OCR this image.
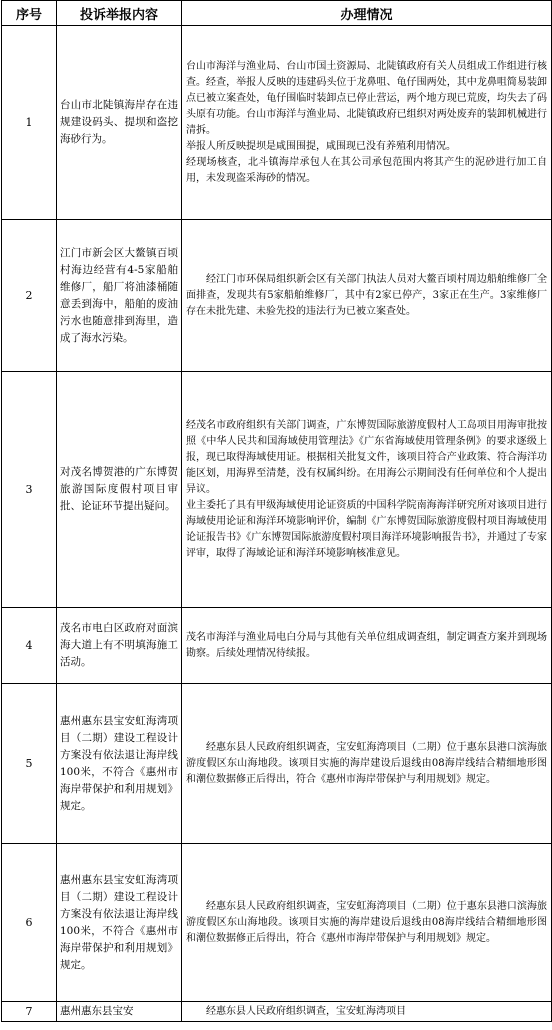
序号	投诉举报内容	办理情况
1	台山市北陡镇海岸存在违规建设码头、提坝和盗挖海砂行为。	台山市海洋与渔业局、台山市国土资源局、北陡镇政府有关人员组成工作组进行核查。经查，举报人反映的违建码头位于龙鼻咀、龟仔围两处，其中龙鼻咀简易装卸点已被立案查处，龟仔围临时装卸点已停止营运，两个地方现已荒废，均失去了码头原有功能。台山市海洋与渔业局、北陡镇政府已组织对两处废弃的装卸机械进行清拆。

举报人所反映提坝是咸围围提，咸围现已没有养殖利用情况。

经现场核查，北斗镇海岸承包人在其公司承包范围内将其产生的泥砂进行加工自用，未发现盗采海砂的情况。

2	江门市新会区大鳌镇百顷村海边经营有4-5家船舶维修厂，船厂将油漆桶随意丢到海中，船舶的废油污水也随意排到海里，造成了海水污染。	经江门市环保局组织新会区有关部门执法人员对大鳌百顷村周边船舶维修厂全面排查，发现共有5家船舶维修厂，其中有2家已停产，3家正在生产。3家维修厂存在未批先建、未验先投的违法行为已被立案查处。

3	对茂名博贺港的广东博贺旅游国际度假村项目审批、论证环节提出疑问。	经茂名市政府组织有关部门调查，广东博贺国际旅游度假村人工岛项目用海审批按照《中华人民共和国海域使用管理法》《广东省海域使用管理条例》的要求逐级上报，现已取得海域使用证。根据相关批复文件，该项目符合产业政策、符合海洋功能区划，用海界至清楚，没有权属纠纷。在用海公示期间没有任何单位和个人提出异议。

业主委托了具有甲级海域使用论证资质的中国科学院南海海洋研究所对该项目进行海域使用论证和海洋环境影响评价，编制《广东博贺国际旅游度假村项目海域使用论证报告书》《广东博贺国际旅游度假村项目海洋环境影响报告书》，并通过了专家评审，取得了海域论证和海洋环境影响核准意见。

4	茂名市电白区政府对面滨海大道上有不明填海施工活动。	茂名市海洋与渔业局电白分局与其他有关单位组成调查组，制定调查方案并到现场勘察。后续处理情况待续报。

5	惠州惠东县宝安虹海湾项目（二期）建设工程设计方案没有依法退让海岸线100米，不符合《惠州市海岸带保护和利用规划》规定。	经惠东县人民政府组织调查，宝安虹海湾项目（二期）位于惠东县港口滨海旅游度假区东山海地段。该项目实施的海岸建设后退线由08海岸线结合精细地形图和潮位数据修正后得出，符合《惠州市海岸带保护与利用规划》规定。

6	惠州惠东县宝安虹海湾项目（二期）建设工程设计方案没有依法退让海岸线100米，不符合《惠州市海岸带保护和利用规划》规定。	经惠东县人民政府组织调查，宝安虹海湾项目（二期）位于惠东县港口滨海旅游度假区东山海地段。该项目实施的海岸建设后退线由08海岸线结合精细地形图和潮位数据修正后得出，符合《惠州市海岸带保护与利用规划》规定。

7	惠州惠东县宝安	经惠东县人民政府组织调查，宝安虹海湾项目
